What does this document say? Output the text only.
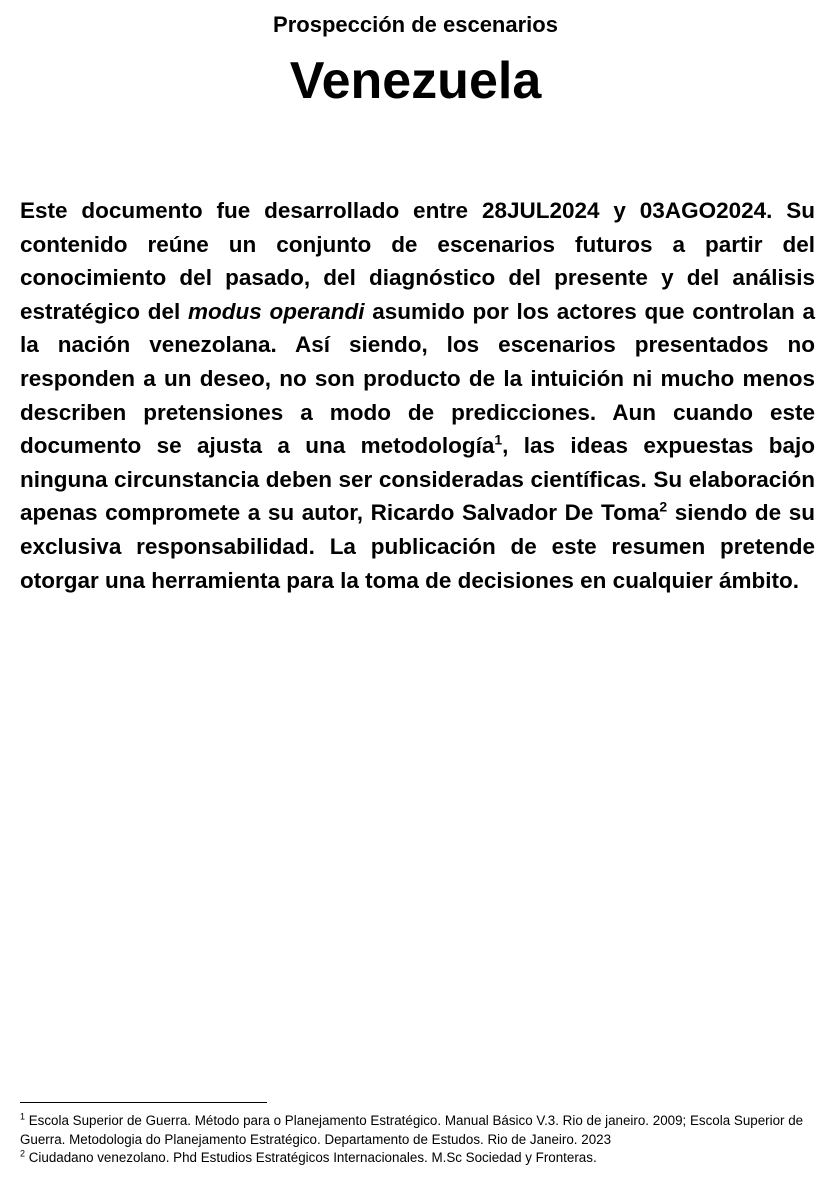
Prospección de escenarios
Venezuela
Este documento fue desarrollado entre 28JUL2024 y 03AGO2024. Su contenido reúne un conjunto de escenarios futuros a partir del conocimiento del pasado, del diagnóstico del presente y del análisis estratégico del modus operandi asumido por los actores que controlan a la nación venezolana. Así siendo, los escenarios presentados no responden a un deseo, no son producto de la intuición ni mucho menos describen pretensiones a modo de predicciones. Aun cuando este documento se ajusta a una metodología$^1$, las ideas expuestas bajo ninguna circunstancia deben ser consideradas científicas. Su elaboración apenas compromete a su autor, Ricardo Salvador De Toma$^2$ siendo de su exclusiva responsabilidad. La publicación de este resumen pretende otorgar una herramienta para la toma de decisiones en cualquier ámbito.
$^1$ Escola Superior de Guerra. Método para o Planejamento Estratégico. Manual Básico V.3. Rio de janeiro. 2009; Escola Superior de Guerra. Metodologia do Planejamento Estratégico. Departamento de Estudos. Rio de Janeiro. 2023
$^2$ Ciudadano venezolano. Phd Estudios Estratégicos Internacionales. M.Sc Sociedad y Fronteras.
